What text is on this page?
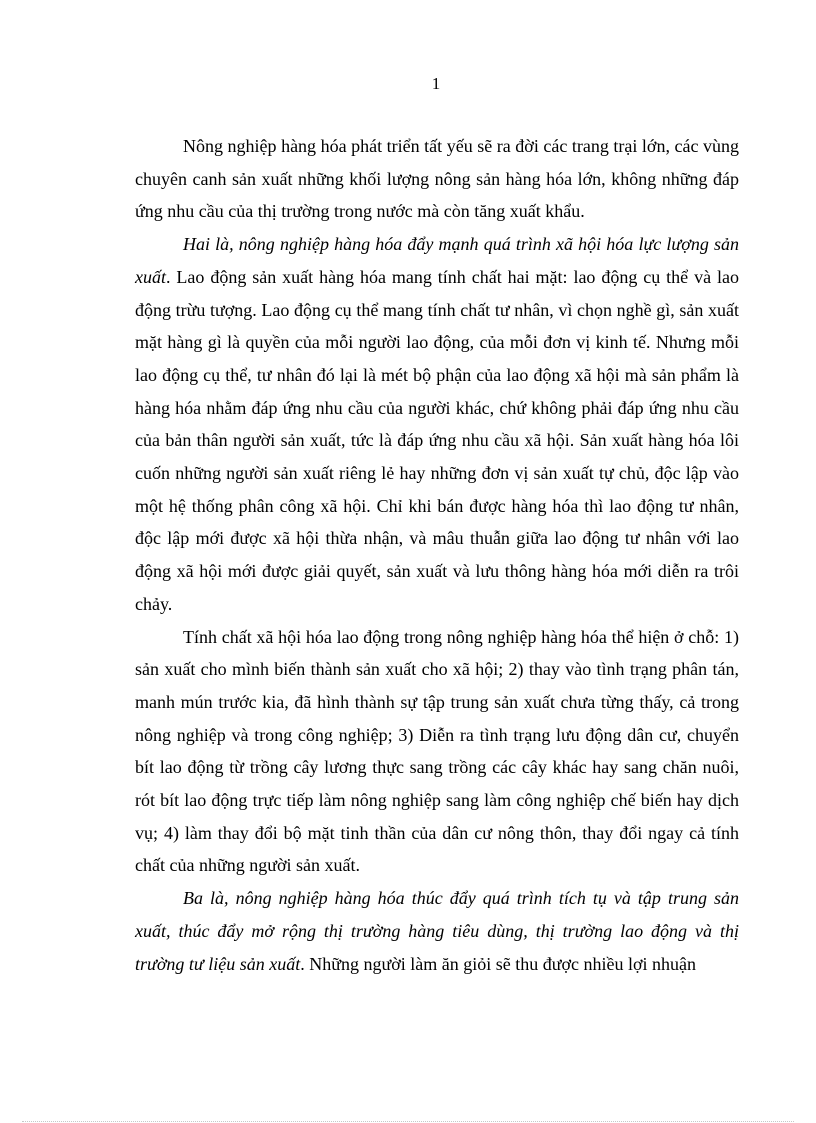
1

Nông nghiệp hàng hóa phát triển tất yếu sẽ ra đời các trang trại lớn, các vùng chuyên canh sản xuất những khối lượng nông sản hàng hóa lớn, không những đáp ứng nhu cầu của thị trường trong nước mà còn tăng xuất khẩu.

Hai là, nông nghiệp hàng hóa đẩy mạnh quá trình xã hội hóa lực lượng sản xuất. Lao động sản xuất hàng hóa mang tính chất hai mặt: lao động cụ thể và lao động trừu tượng. Lao động cụ thể mang tính chất tư nhân, vì chọn nghề gì, sản xuất mặt hàng gì là quyền của mỗi người lao động, của mỗi đơn vị kinh tế. Nhưng mỗi lao động cụ thể, tư nhân đó lại là mét bộ phận của lao động xã hội mà sản phẩm là hàng hóa nhằm đáp ứng nhu cầu của người khác, chứ không phải đáp ứng nhu cầu của bản thân người sản xuất, tức là đáp ứng nhu cầu xã hội. Sản xuất hàng hóa lôi cuốn những người sản xuất riêng lẻ hay những đơn vị sản xuất tự chủ, độc lập vào một hệ thống phân công xã hội. Chỉ khi bán được hàng hóa thì lao động tư nhân, độc lập mới được xã hội thừa nhận, và mâu thuẫn giữa lao động tư nhân với lao động xã hội mới được giải quyết, sản xuất và lưu thông hàng hóa mới diễn ra trôi chảy.

Tính chất xã hội hóa lao động trong nông nghiệp hàng hóa thể hiện ở chỗ: 1) sản xuất cho mình biến thành sản xuất cho xã hội; 2) thay vào tình trạng phân tán, manh mún trước kia, đã hình thành sự tập trung sản xuất chưa từng thấy, cả trong nông nghiệp và trong công nghiệp; 3) Diễn ra tình trạng lưu động dân cư, chuyển bít lao động từ trồng cây lương thực sang trồng các cây khác hay sang chăn nuôi, rót bít lao động trực tiếp làm nông nghiệp sang làm công nghiệp chế biến hay dịch vụ; 4) làm thay đổi bộ mặt tinh thần của dân cư nông thôn, thay đổi ngay cả tính chất của những người sản xuất.

Ba là, nông nghiệp hàng hóa thúc đẩy quá trình tích tụ và tập trung sản xuất, thúc đẩy mở rộng thị trường hàng tiêu dùng, thị trường lao động và thị trường tư liệu sản xuất. Những người làm ăn giỏi sẽ thu được nhiều lợi nhuận
